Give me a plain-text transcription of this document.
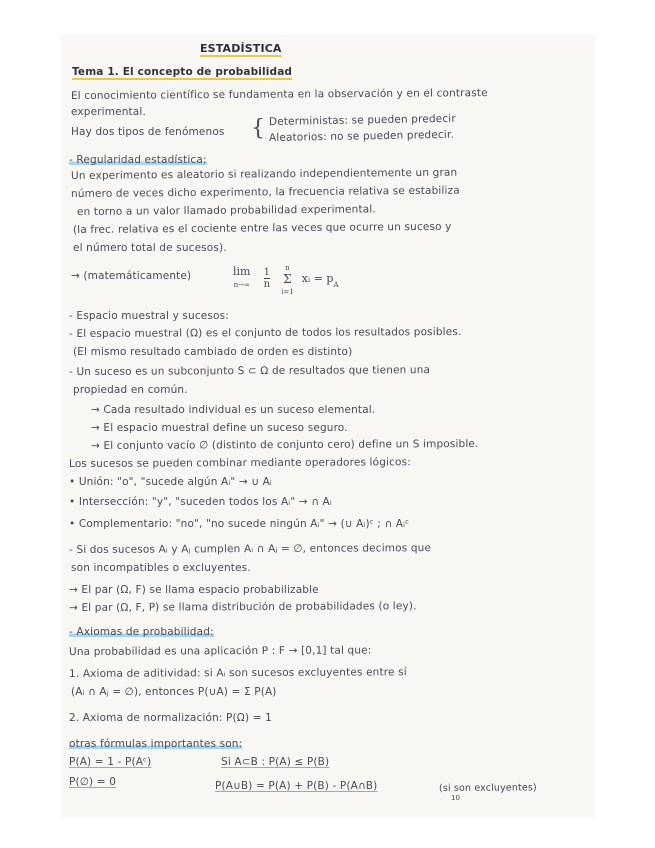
ESTADÍSTICA
Tema 1. El concepto de probabilidad
El conocimiento científico se fundamenta en la observación y en el contraste
experimental.
Hay dos tipos de fenómenos { Deterministas: se pueden predecir
Aleatorios: no se pueden predecir.
- Regularidad estadística:
Un experimento es aleatorio si realizando independientemente un gran
número de veces dicho experimento, la frecuencia relativa se estabiliza
en torno a un valor llamado probabilidad experimental.
(la frec. relativa es el cociente entre las veces que ocurre un suceso y
el número total de sucesos).
→ (matemáticamente)	lim
$n\to\infty \frac{1}{n}$ n
Σ
i=1 xᵢ = $p_A$
- Espacio muestral y sucesos:
- El espacio muestral (Ω) es el conjunto de todos los resultados posibles.
(El mismo resultado cambiado de orden es distinto)
- Un suceso es un subconjunto S ⊂ Ω de resultados que tienen una
propiedad en común.
→ Cada resultado individual es un suceso elemental.
→ El espacio muestral define un suceso seguro.
→ El conjunto vacío ∅ (distinto de conjunto cero) define un S imposible.
Los sucesos se pueden combinar mediante operadores lógicos:
• Unión: "o", "sucede algún Aᵢ" → ∪ Aᵢ
• Intersección: "y", "suceden todos los Aᵢ" → ∩ Aᵢ
• Complementario: "no", "no sucede ningún Aᵢ" → (∪ Aᵢ)ᶜ ; ∩ Aᵢᶜ
- Si dos sucesos Aᵢ y Aⱼ cumplen Aᵢ ∩ Aⱼ = ∅, entonces decimos que
son incompatibles o excluyentes.
→ El par (Ω, F) se llama espacio probabilizable
→ El par (Ω, F, P) se llama distribución de probabilidades (o ley).
- Axiomas de probabilidad:
Una probabilidad es una aplicación P : F → [0,1] tal que:
1. Axioma de aditividad: si Aᵢ son sucesos excluyentes entre sí
(Aᵢ ∩ Aⱼ = ∅), entonces P(∪A) = Σ P(A)
2. Axioma de normalización: P(Ω) = 1
otras fórmulas importantes son:
P(A) = 1 - P(Aᶜ)	Si A⊂B : P(A) ≤ P(B)
P(∅) = 0	P(A∪B) = P(A) + P(B) - P(A∩B)	(si son excluyentes)
10
